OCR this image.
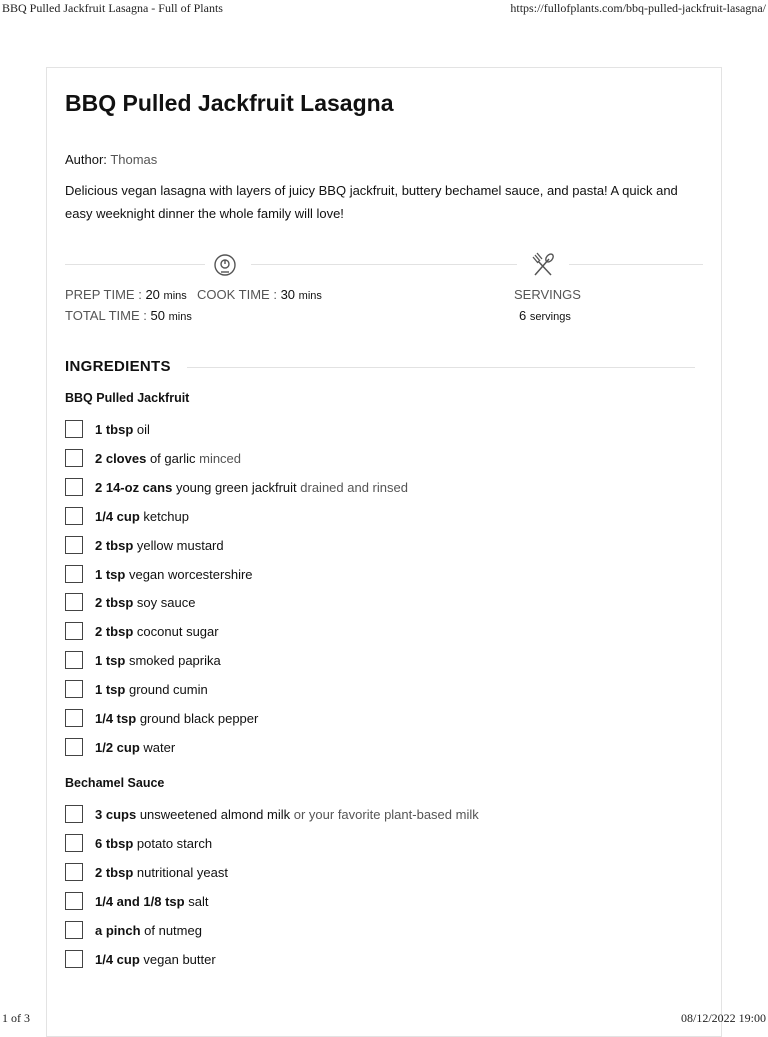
BBQ Pulled Jackfruit Lasagna - Full of Plants	https://fullofplants.com/bbq-pulled-jackfruit-lasagna/
BBQ Pulled Jackfruit Lasagna
Author: Thomas
Delicious vegan lasagna with layers of juicy BBQ jackfruit, buttery bechamel sauce, and pasta! A quick and easy weeknight dinner the whole family will love!
PREP TIME : 20 mins COOK TIME : 30 mins
TOTAL TIME : 50 mins
SERVINGS
6 servings
INGREDIENTS
BBQ Pulled Jackfruit
1 tbsp oil
2 cloves of garlic minced
2 14-oz cans young green jackfruit drained and rinsed
1/4 cup ketchup
2 tbsp yellow mustard
1 tsp vegan worcestershire
2 tbsp soy sauce
2 tbsp coconut sugar
1 tsp smoked paprika
1 tsp ground cumin
1/4 tsp ground black pepper
1/2 cup water
Bechamel Sauce
3 cups unsweetened almond milk or your favorite plant-based milk
6 tbsp potato starch
2 tbsp nutritional yeast
1/4 and 1/8 tsp salt
a pinch of nutmeg
1/4 cup vegan butter
1 of 3	08/12/2022 19:00
